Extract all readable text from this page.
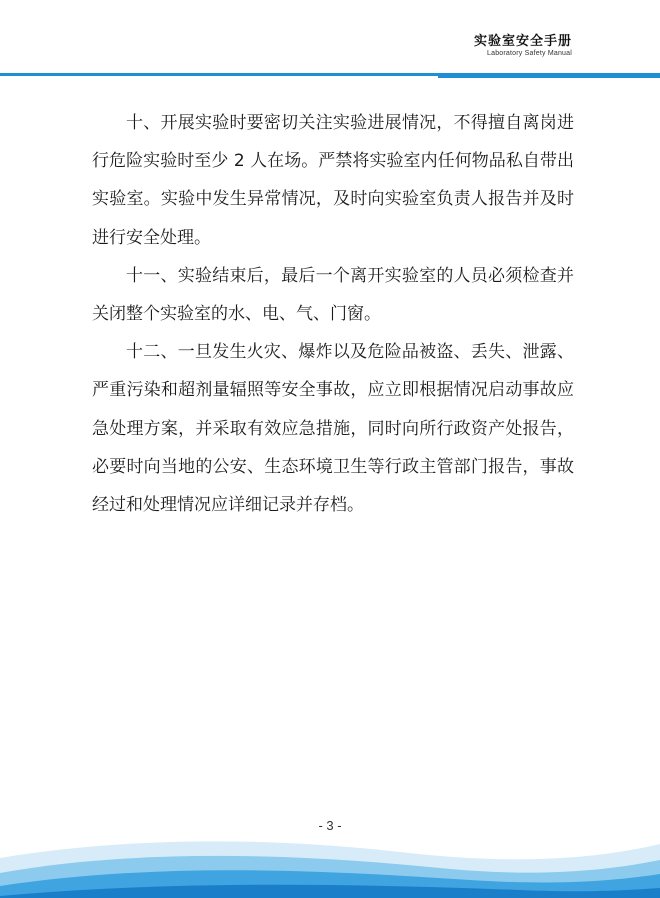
实验室安全手册
Laboratory Safety Manual

十、开展实验时要密切关注实验进展情况，不得擅自离岗进行危险实验时至少 2 人在场。严禁将实验室内任何物品私自带出实验室。实验中发生异常情况，及时向实验室负责人报告并及时进行安全处理。

十一、实验结束后，最后一个离开实验室的人员必须检查并关闭整个实验室的水、电、气、门窗。

十二、一旦发生火灾、爆炸以及危险品被盗、丢失、泄露、严重污染和超剂量辐照等安全事故，应立即根据情况启动事故应急处理方案，并采取有效应急措施，同时向所行政资产处报告，必要时向当地的公安、生态环境卫生等行政主管部门报告，事故经过和处理情况应详细记录并存档。

- 3 -
